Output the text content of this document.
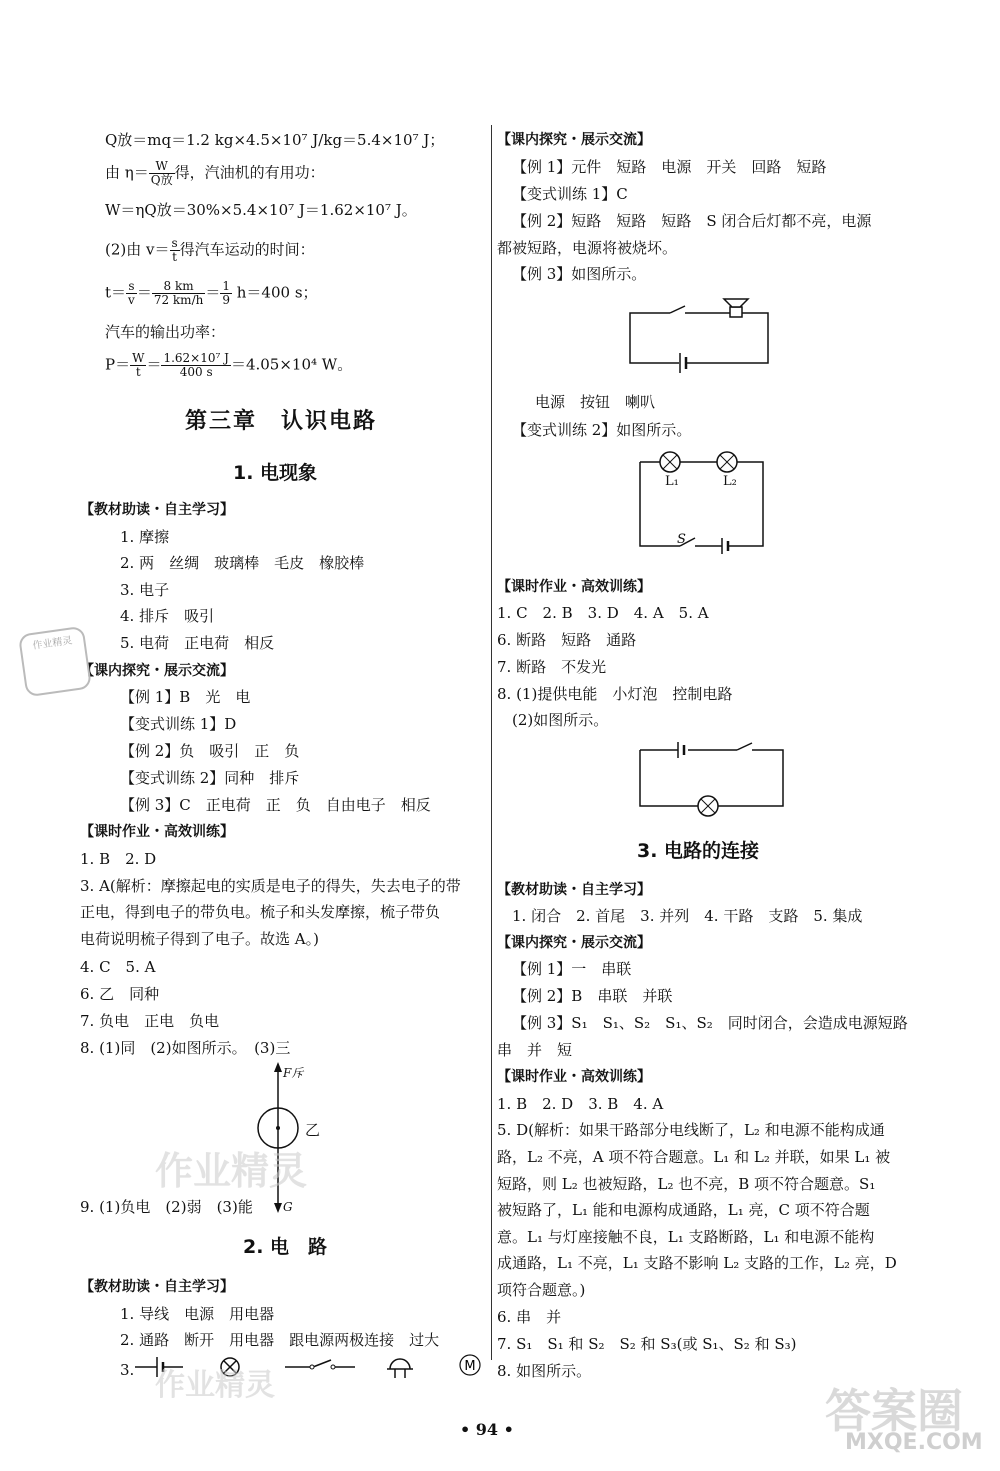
Q放＝mq＝1.2 kg×4.5×10⁷ J/kg＝5.4×10⁷ J；
由 $\eta= \frac{W}{\text{Q放}}$ 得，汽油机的有用功：
W＝ηQ放＝30%×5.4×10⁷ J＝1.62×10⁷ J。
(2)由 $v= \frac{s}{t}$ 得汽车运动的时间：
$t= \frac{s}{v} = \frac{8 km}{72 km/h} = \frac{1}{9} h=400$ s；
汽车的输出功率：
$P= \frac{W}{t} = \frac{\text{1.62×10⁷ J}}{400 s} =4.05\times 10^4$ W。
第三章　认识电路
1. 电现象
【教材助读・自主学习】
1. 摩擦
2. 两　丝绸　玻璃棒　毛皮　橡胶棒
3. 电子
4. 排斥　吸引
5. 电荷　正电荷　相反
【课内探究・展示交流】
【例 1】B　光　电
【变式训练 1】D
【例 2】负　吸引　正　负
【变式训练 2】同种　排斥
【例 3】C　正电荷　正　负　自由电子　相反
【课时作业・高效训练】
1. B　2. D
3. A(解析：摩擦起电的实质是电子的得失，失去电子的带
正电，得到电子的带负电。梳子和头发摩擦，梳子带负
电荷说明梳子得到了电子。故选 A。)
4. C　5. A
6. 乙　同种
7. 负电　正电　负电
8. (1)同　(2)如图所示。　(3)三
F斥
乙
G
作业精灵
9. (1)负电　(2)弱　(3)能
2. 电　路
【教材助读・自主学习】
1. 导线　电源　用电器
2. 通路　断开　用电器　跟电源两极连接　过大
3.	M
作业精灵
【课内探究・展示交流】
【例 1】元件　短路　电源　开关　回路　短路
【变式训练 1】C
【例 2】短路　短路　短路　S 闭合后灯都不亮，电源
都被短路，电源将被烧坏。
【例 3】如图所示。
电源　按钮　喇叭
【变式训练 2】如图所示。
L₁	L₂
S
【课时作业・高效训练】
1. C　2. B　3. D　4. A　5. A
6. 断路　短路　通路
7. 断路　不发光
8. (1)提供电能　小灯泡　控制电路
(2)如图所示。
3. 电路的连接
【教材助读・自主学习】
1. 闭合　2. 首尾　3. 并列　4. 干路　支路　5. 集成
【课内探究・展示交流】
【例 1】一　串联
【例 2】B　串联　并联
【例 3】S₁　S₁、S₂　S₁、S₂　同时闭合，会造成电源短路
串　并　短
【课时作业・高效训练】
1. B　2. D　3. B　4. A
5. D(解析：如果干路部分电线断了，L₂ 和电源不能构成通
路，L₂ 不亮，A 项不符合题意。L₁ 和 L₂ 并联，如果 L₁ 被
短路，则 L₂ 也被短路，L₂ 也不亮，B 项不符合题意。S₁
被短路了，L₁ 能和电源构成通路，L₁ 亮，C 项不符合题
意。L₁ 与灯座接触不良，L₁ 支路断路，L₁ 和电源不能构
成通路，L₁ 不亮，L₁ 支路不影响 L₂ 支路的工作，L₂ 亮，D
项符合题意。)
6. 串　并
7. S₁　S₁ 和 S₂　S₂ 和 S₃(或 S₁、S₂ 和 S₃)
8. 如图所示。
作业精灵
• 94 •	答案圈
MXQE.COM
